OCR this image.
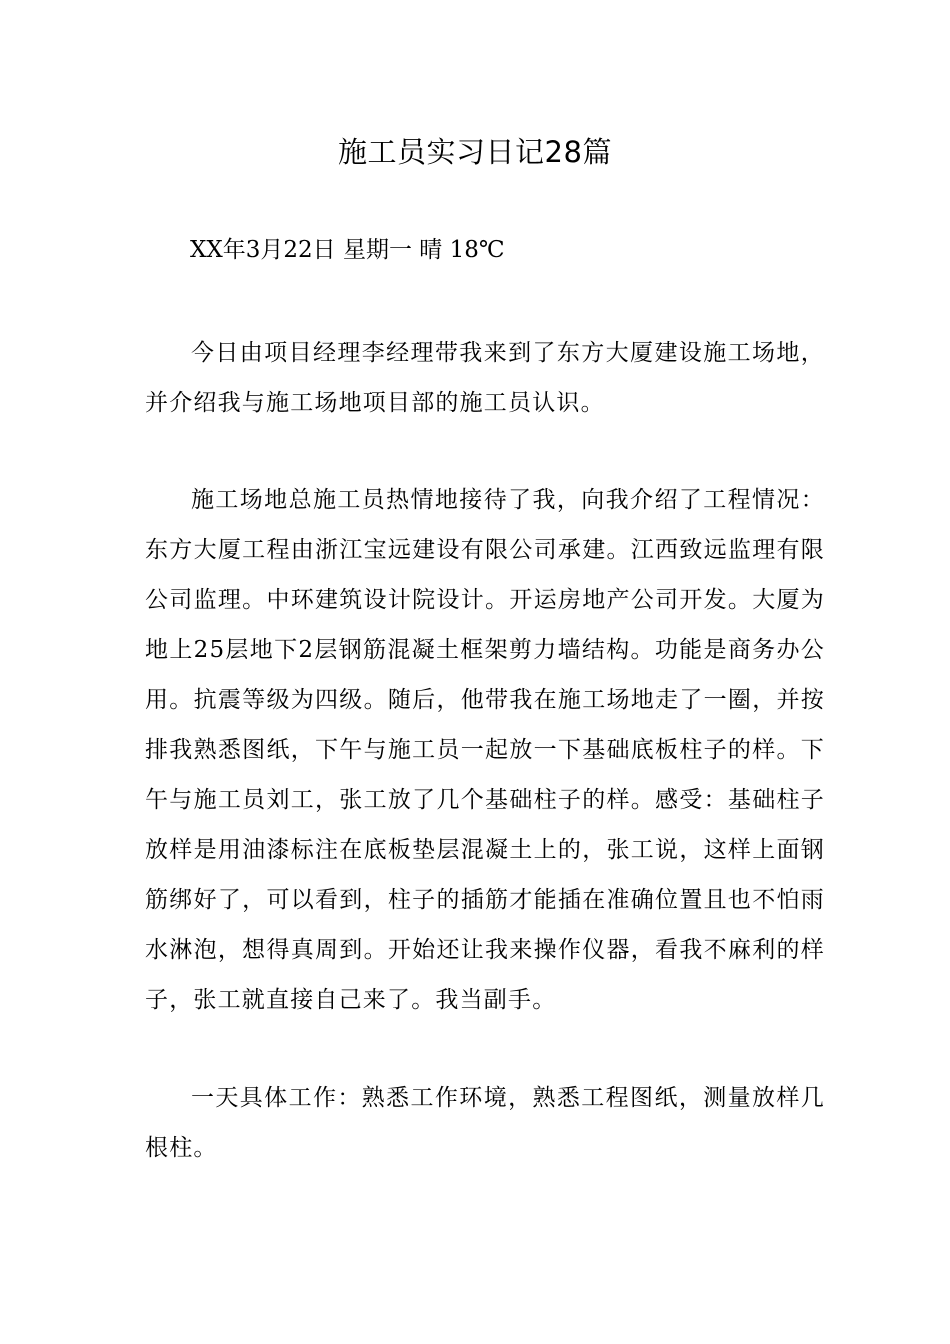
施工员实习日记28篇
XX年3月22日 星期一 晴 18℃

今日由项目经理李经理带我来到了东方大厦建设施工场地，并介绍我与施工场地项目部的施工员认识。

施工场地总施工员热情地接待了我，向我介绍了工程情况：东方大厦工程由浙江宝远建设有限公司承建。江西致远监理有限公司监理。中环建筑设计院设计。开运房地产公司开发。大厦为地上25层地下2层钢筋混凝土框架剪力墙结构。功能是商务办公用。抗震等级为四级。随后，他带我在施工场地走了一圈，并按排我熟悉图纸，下午与施工员一起放一下基础底板柱子的样。下午与施工员刘工，张工放了几个基础柱子的样。感受：基础柱子放样是用油漆标注在底板垫层混凝土上的，张工说，这样上面钢筋绑好了，可以看到，柱子的插筋才能插在准确位置且也不怕雨水淋泡，想得真周到。开始还让我来操作仪器，看我不麻利的样子，张工就直接自己来了。我当副手。

一天具体工作：熟悉工作环境，熟悉工程图纸，测量放样几根柱。
